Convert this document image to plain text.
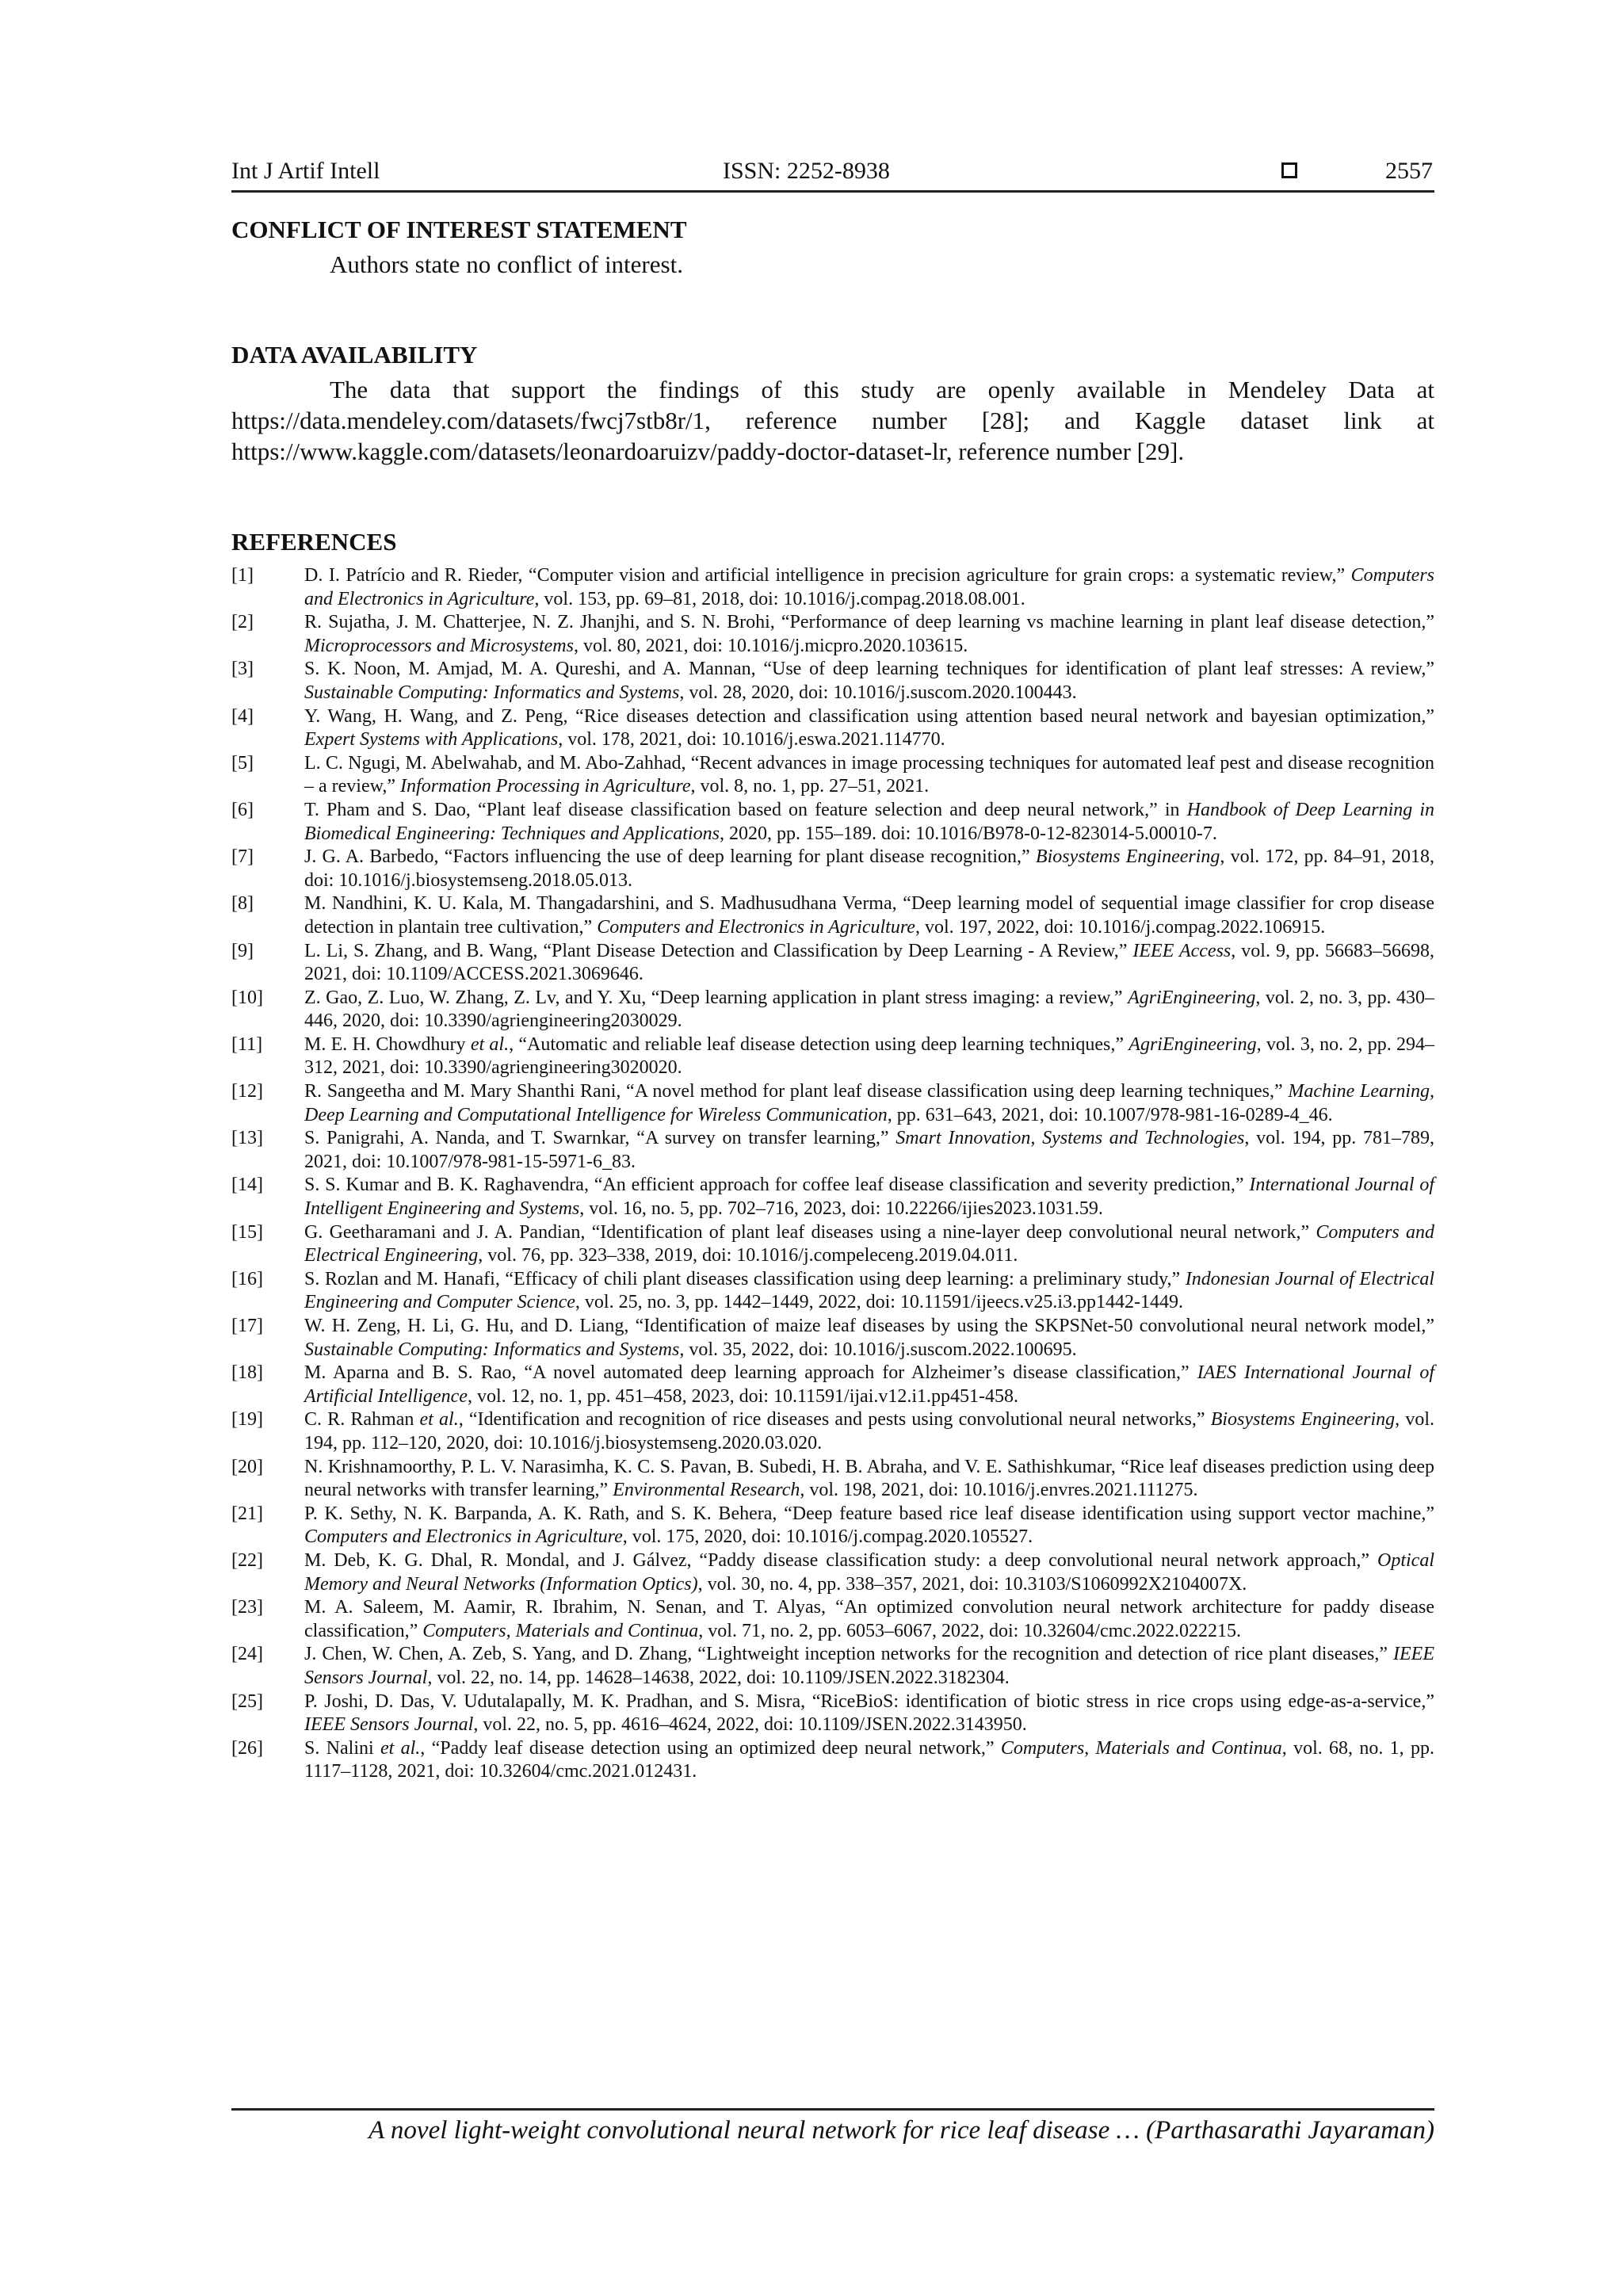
Int J Artif Intell	ISSN: 2252-8938	2557
CONFLICT OF INTEREST STATEMENT
Authors state no conflict of interest.
DATA AVAILABILITY
The data that support the findings of this study are openly available in Mendeley Data at https://data.mendeley.com/datasets/fwcj7stb8r/1, reference number [28]; and Kaggle dataset link at https://www.kaggle.com/datasets/leonardoaruizv/paddy-doctor-dataset-lr, reference number [29].
REFERENCES
[1]	D. I. Patrício and R. Rieder, “Computer vision and artificial intelligence in precision agriculture for grain crops: a systematic review,” Computers and Electronics in Agriculture, vol. 153, pp. 69–81, 2018, doi: 10.1016/j.compag.2018.08.001.
[2]	R. Sujatha, J. M. Chatterjee, N. Z. Jhanjhi, and S. N. Brohi, “Performance of deep learning vs machine learning in plant leaf disease detection,” Microprocessors and Microsystems, vol. 80, 2021, doi: 10.1016/j.micpro.2020.103615.
[3]	S. K. Noon, M. Amjad, M. A. Qureshi, and A. Mannan, “Use of deep learning techniques for identification of plant leaf stresses: A review,” Sustainable Computing: Informatics and Systems, vol. 28, 2020, doi: 10.1016/j.suscom.2020.100443.
[4]	Y. Wang, H. Wang, and Z. Peng, “Rice diseases detection and classification using attention based neural network and bayesian optimization,” Expert Systems with Applications, vol. 178, 2021, doi: 10.1016/j.eswa.2021.114770.
[5]	L. C. Ngugi, M. Abelwahab, and M. Abo-Zahhad, “Recent advances in image processing techniques for automated leaf pest and disease recognition – a review,” Information Processing in Agriculture, vol. 8, no. 1, pp. 27–51, 2021.
[6]	T. Pham and S. Dao, “Plant leaf disease classification based on feature selection and deep neural network,” in Handbook of Deep Learning in Biomedical Engineering: Techniques and Applications, 2020, pp. 155–189. doi: 10.1016/B978-0-12-823014-5.00010-7.
[7]	J. G. A. Barbedo, “Factors influencing the use of deep learning for plant disease recognition,” Biosystems Engineering, vol. 172, pp. 84–91, 2018, doi: 10.1016/j.biosystemseng.2018.05.013.
[8]	M. Nandhini, K. U. Kala, M. Thangadarshini, and S. Madhusudhana Verma, “Deep learning model of sequential image classifier for crop disease detection in plantain tree cultivation,” Computers and Electronics in Agriculture, vol. 197, 2022, doi: 10.1016/j.compag.2022.106915.
[9]	L. Li, S. Zhang, and B. Wang, “Plant Disease Detection and Classification by Deep Learning - A Review,” IEEE Access, vol. 9, pp. 56683–56698, 2021, doi: 10.1109/ACCESS.2021.3069646.
[10]	Z. Gao, Z. Luo, W. Zhang, Z. Lv, and Y. Xu, “Deep learning application in plant stress imaging: a review,” AgriEngineering, vol. 2, no. 3, pp. 430–446, 2020, doi: 10.3390/agriengineering2030029.
[11]	M. E. H. Chowdhury et al., “Automatic and reliable leaf disease detection using deep learning techniques,” AgriEngineering, vol. 3, no. 2, pp. 294–312, 2021, doi: 10.3390/agriengineering3020020.
[12]	R. Sangeetha and M. Mary Shanthi Rani, “A novel method for plant leaf disease classification using deep learning techniques,” Machine Learning, Deep Learning and Computational Intelligence for Wireless Communication, pp. 631–643, 2021, doi: 10.1007/978-981-16-0289-4_46.
[13]	S. Panigrahi, A. Nanda, and T. Swarnkar, “A survey on transfer learning,” Smart Innovation, Systems and Technologies, vol. 194, pp. 781–789, 2021, doi: 10.1007/978-981-15-5971-6_83.
[14]	S. S. Kumar and B. K. Raghavendra, “An efficient approach for coffee leaf disease classification and severity prediction,” International Journal of Intelligent Engineering and Systems, vol. 16, no. 5, pp. 702–716, 2023, doi: 10.22266/ijies2023.1031.59.
[15]	G. Geetharamani and J. A. Pandian, “Identification of plant leaf diseases using a nine-layer deep convolutional neural network,” Computers and Electrical Engineering, vol. 76, pp. 323–338, 2019, doi: 10.1016/j.compeleceng.2019.04.011.
[16]	S. Rozlan and M. Hanafi, “Efficacy of chili plant diseases classification using deep learning: a preliminary study,” Indonesian Journal of Electrical Engineering and Computer Science, vol. 25, no. 3, pp. 1442–1449, 2022, doi: 10.11591/ijeecs.v25.i3.pp1442-1449.
[17]	W. H. Zeng, H. Li, G. Hu, and D. Liang, “Identification of maize leaf diseases by using the SKPSNet-50 convolutional neural network model,” Sustainable Computing: Informatics and Systems, vol. 35, 2022, doi: 10.1016/j.suscom.2022.100695.
[18]	M. Aparna and B. S. Rao, “A novel automated deep learning approach for Alzheimer’s disease classification,” IAES International Journal of Artificial Intelligence, vol. 12, no. 1, pp. 451–458, 2023, doi: 10.11591/ijai.v12.i1.pp451-458.
[19]	C. R. Rahman et al., “Identification and recognition of rice diseases and pests using convolutional neural networks,” Biosystems Engineering, vol. 194, pp. 112–120, 2020, doi: 10.1016/j.biosystemseng.2020.03.020.
[20]	N. Krishnamoorthy, P. L. V. Narasimha, K. C. S. Pavan, B. Subedi, H. B. Abraha, and V. E. Sathishkumar, “Rice leaf diseases prediction using deep neural networks with transfer learning,” Environmental Research, vol. 198, 2021, doi: 10.1016/j.envres.2021.111275.
[21]	P. K. Sethy, N. K. Barpanda, A. K. Rath, and S. K. Behera, “Deep feature based rice leaf disease identification using support vector machine,” Computers and Electronics in Agriculture, vol. 175, 2020, doi: 10.1016/j.compag.2020.105527.
[22]	M. Deb, K. G. Dhal, R. Mondal, and J. Gálvez, “Paddy disease classification study: a deep convolutional neural network approach,” Optical Memory and Neural Networks (Information Optics), vol. 30, no. 4, pp. 338–357, 2021, doi: 10.3103/S1060992X2104007X.
[23]	M. A. Saleem, M. Aamir, R. Ibrahim, N. Senan, and T. Alyas, “An optimized convolution neural network architecture for paddy disease classification,” Computers, Materials and Continua, vol. 71, no. 2, pp. 6053–6067, 2022, doi: 10.32604/cmc.2022.022215.
[24]	J. Chen, W. Chen, A. Zeb, S. Yang, and D. Zhang, “Lightweight inception networks for the recognition and detection of rice plant diseases,” IEEE Sensors Journal, vol. 22, no. 14, pp. 14628–14638, 2022, doi: 10.1109/JSEN.2022.3182304.
[25]	P. Joshi, D. Das, V. Udutalapally, M. K. Pradhan, and S. Misra, “RiceBioS: identification of biotic stress in rice crops using edge-as-a-service,” IEEE Sensors Journal, vol. 22, no. 5, pp. 4616–4624, 2022, doi: 10.1109/JSEN.2022.3143950.
[26]	S. Nalini et al., “Paddy leaf disease detection using an optimized deep neural network,” Computers, Materials and Continua, vol. 68, no. 1, pp. 1117–1128, 2021, doi: 10.32604/cmc.2021.012431.
A novel light-weight convolutional neural network for rice leaf disease … (Parthasarathi Jayaraman)
